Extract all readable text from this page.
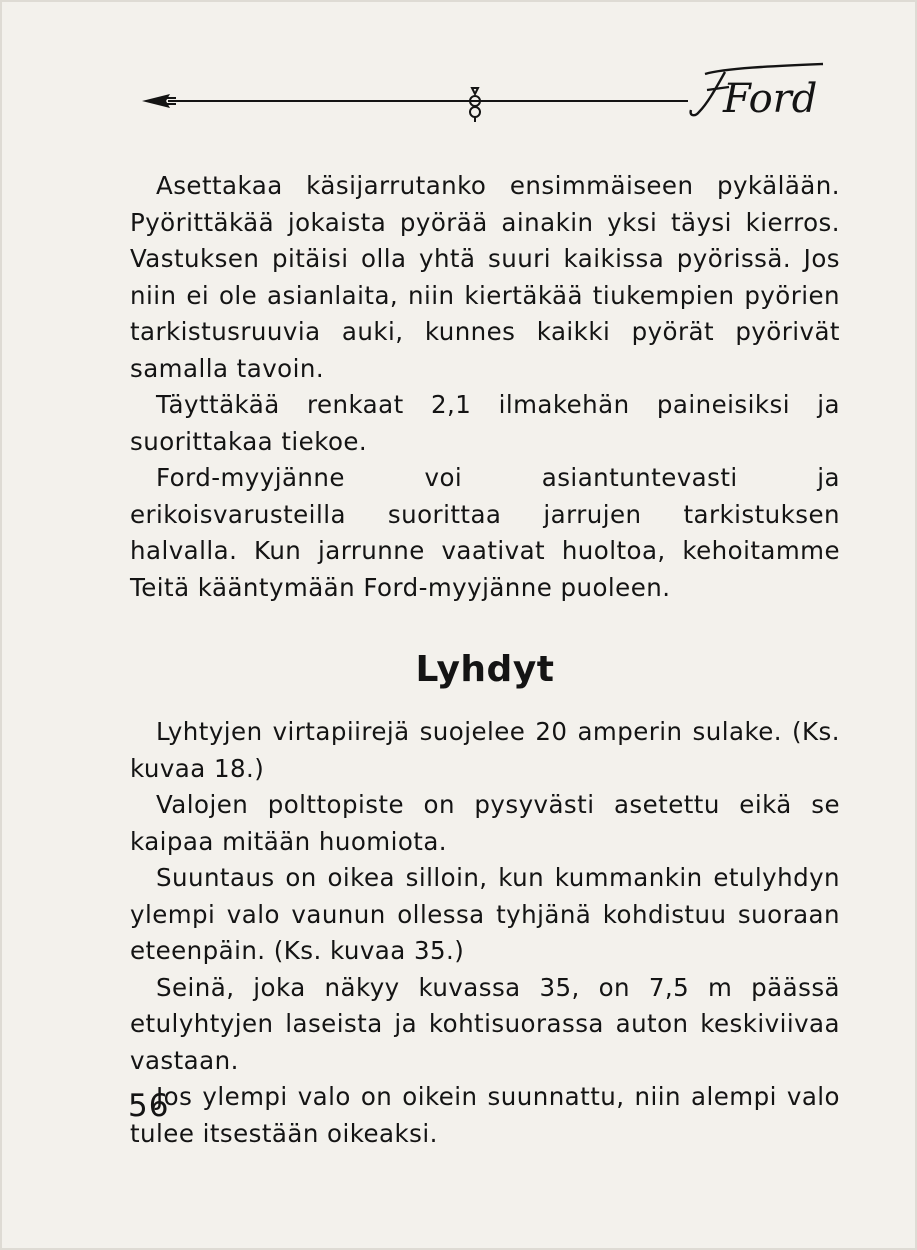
Ford

Asettakaa käsijarrutanko ensimmäiseen pykälään. Pyörittäkää jokaista pyörää ainakin yksi täysi kierros. Vastuksen pitäisi olla yhtä suuri kaikissa pyörissä. Jos niin ei ole asianlaita, niin kiertäkää tiukempien pyörien tarkistusruuvia auki, kunnes kaikki pyörät pyörivät samalla tavoin.

Täyttäkää renkaat 2,1 ilmakehän paineisiksi ja suorittakaa tiekoe.

Ford-myyjänne voi asiantuntevasti ja erikoisvarusteilla suorittaa jarrujen tarkistuksen halvalla. Kun jarrunne vaativat huoltoa, kehoitamme Teitä kääntymään Ford-myyjänne puoleen.

Lyhdyt

Lyhtyjen virtapiirejä suojelee 20 amperin sulake. (Ks. kuvaa 18.)

Valojen polttopiste on pysyvästi asetettu eikä se kaipaa mitään huomiota.

Suuntaus on oikea silloin, kun kummankin etulyhdyn ylempi valo vaunun ollessa tyhjänä kohdistuu suoraan eteenpäin. (Ks. kuvaa 35.)

Seinä, joka näkyy kuvassa 35, on 7,5 m päässä etulyhtyjen laseista ja kohtisuorassa auton keskiviivaa vastaan.

Jos ylempi valo on oikein suunnattu, niin alempi valo tulee itsestään oikeaksi.

56
